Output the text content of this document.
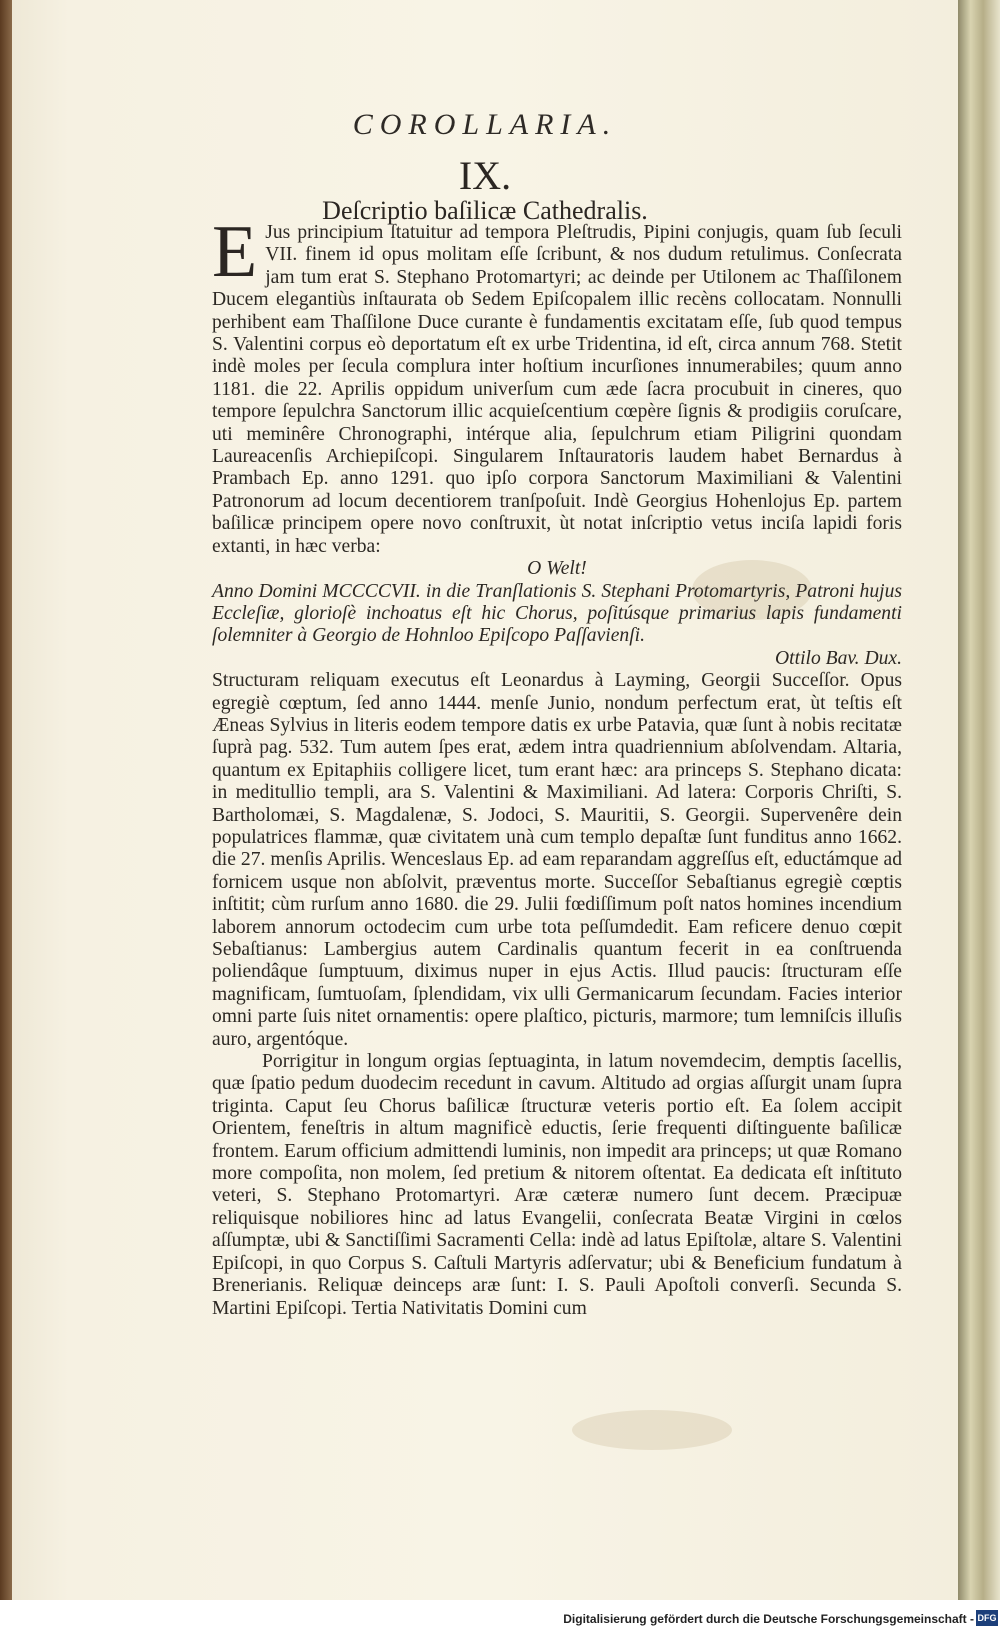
COROLLARIA.
IX.
Deſcriptio baſilicæ Cathedralis.

E Jus principium ſtatuitur ad tempora Pleſtrudis, Pipini conjugis, quam ſub ſeculi VII. finem id opus molitam eſſe ſcribunt, & nos dudum retulimus. Conſecrata jam tum erat S. Stephano Protomartyri; ac deinde per Utilonem ac Thaſſilonem Ducem elegantiùs inſtaurata ob Sedem Epiſcopalem illic recèns collocatam. Nonnulli perhibent eam Thaſſilone Duce curante è fundamentis excitatam eſſe, ſub quod tempus S. Valentini corpus eò deportatum eſt ex urbe Tridentina, id eſt, circa annum 768. Stetit indè moles per ſecula complura inter hoſtium incurſiones innumerabiles; quum anno 1181. die 22. Aprilis oppidum univerſum cum æde ſacra procubuit in cineres, quo tempore ſepulchra Sanctorum illic acquieſcentium cœpère ſignis & prodigiis coruſcare, uti meminêre Chronographi, intérque alia, ſepulchrum etiam Piligrini quondam Laureacenſis Archiepiſcopi. Singularem Inſtauratoris laudem habet Bernardus à Prambach Ep. anno 1291. quo ipſo corpora Sanctorum Maximiliani & Valentini Patronorum ad locum decentiorem tranſpoſuit. Indè Georgius Hohenlojus Ep. partem baſilicæ principem opere novo conſtruxit, ùt notat inſcriptio vetus inciſa lapidi foris extanti, in hæc verba:

O Welt!

Anno Domini MCCCCVII. in die Tranſlationis S. Stephani Protomartyris, Patroni hujus Eccleſiæ, glorioſè inchoatus eſt hic Chorus, poſitúsque primarius lapis fundamenti ſolemniter à Georgio de Hohnloo Epiſcopo Paſſavienſi.

Ottilo Bav. Dux.

Structuram reliquam executus eſt Leonardus à Layming, Georgii Succeſſor. Opus egregiè cœptum, ſed anno 1444. menſe Junio, nondum perfectum erat, ùt teſtis eſt Æneas Sylvius in literis eodem tempore datis ex urbe Patavia, quæ ſunt à nobis recitatæ ſuprà pag. 532. Tum autem ſpes erat, ædem intra quadriennium abſolvendam. Altaria, quantum ex Epitaphiis colligere licet, tum erant hæc: ara princeps S. Stephano dicata: in meditullio templi, ara S. Valentini & Maximiliani. Ad latera: Corporis Chriſti, S. Bartholomæi, S. Magdalenæ, S. Jodoci, S. Mauritii, S. Georgii. Supervenêre dein populatrices flammæ, quæ civitatem unà cum templo depaſtæ ſunt funditus anno 1662. die 27. menſis Aprilis. Wenceslaus Ep. ad eam reparandam aggreſſus eſt, eductámque ad fornicem usque non abſolvit, præventus morte. Succeſſor Sebaſtianus egregiè cœptis inſtitit; cùm rurſum anno 1680. die 29. Julii fœdiſſimum poſt natos homines incendium laborem annorum octodecim cum urbe tota peſſumdedit. Eam reficere denuo cœpit Sebaſtianus: Lambergius autem Cardinalis quantum fecerit in ea conſtruenda poliendâque ſumptuum, diximus nuper in ejus Actis. Illud paucis: ſtructuram eſſe magnificam, ſumtuoſam, ſplendidam, vix ulli Germanicarum ſecundam. Facies interior omni parte ſuis nitet ornamentis: opere plaſtico, picturis, marmore; tum lemniſcis illuſis auro, argentóque.

Porrigitur in longum orgias ſeptuaginta, in latum novemdecim, demptis ſacellis, quæ ſpatio pedum duodecim recedunt in cavum. Altitudo ad orgias aſſurgit unam ſupra triginta. Caput ſeu Chorus baſilicæ ſtructuræ veteris portio eſt. Ea ſolem accipit Orientem, feneſtris in altum magnificè eductis, ſerie frequenti diſtinguente baſilicæ frontem. Earum officium admittendi luminis, non impedit ara princeps; ut quæ Romano more compoſita, non molem, ſed pretium & nitorem oſtentat. Ea dedicata eſt inſtituto veteri, S. Stephano Protomartyri. Aræ cæteræ numero ſunt decem. Præcipuæ reliquisque nobiliores hinc ad latus Evangelii, conſecrata Beatæ Virgini in cœlos aſſumptæ, ubi & Sanctiſſimi Sacramenti Cella: indè ad latus Epiſtolæ, altare S. Valentini Epiſcopi, in quo Corpus S. Caſtuli Martyris adſervatur; ubi & Beneficium fundatum à Brenerianis. Reliquæ deinceps aræ ſunt: I. S. Pauli Apoſtoli converſi. Secunda S. Martini Epiſcopi. Tertia Nativitatis Domini cum

Digitalisierung gefördert durch die Deutsche Forschungsgemeinschaft - DFG
